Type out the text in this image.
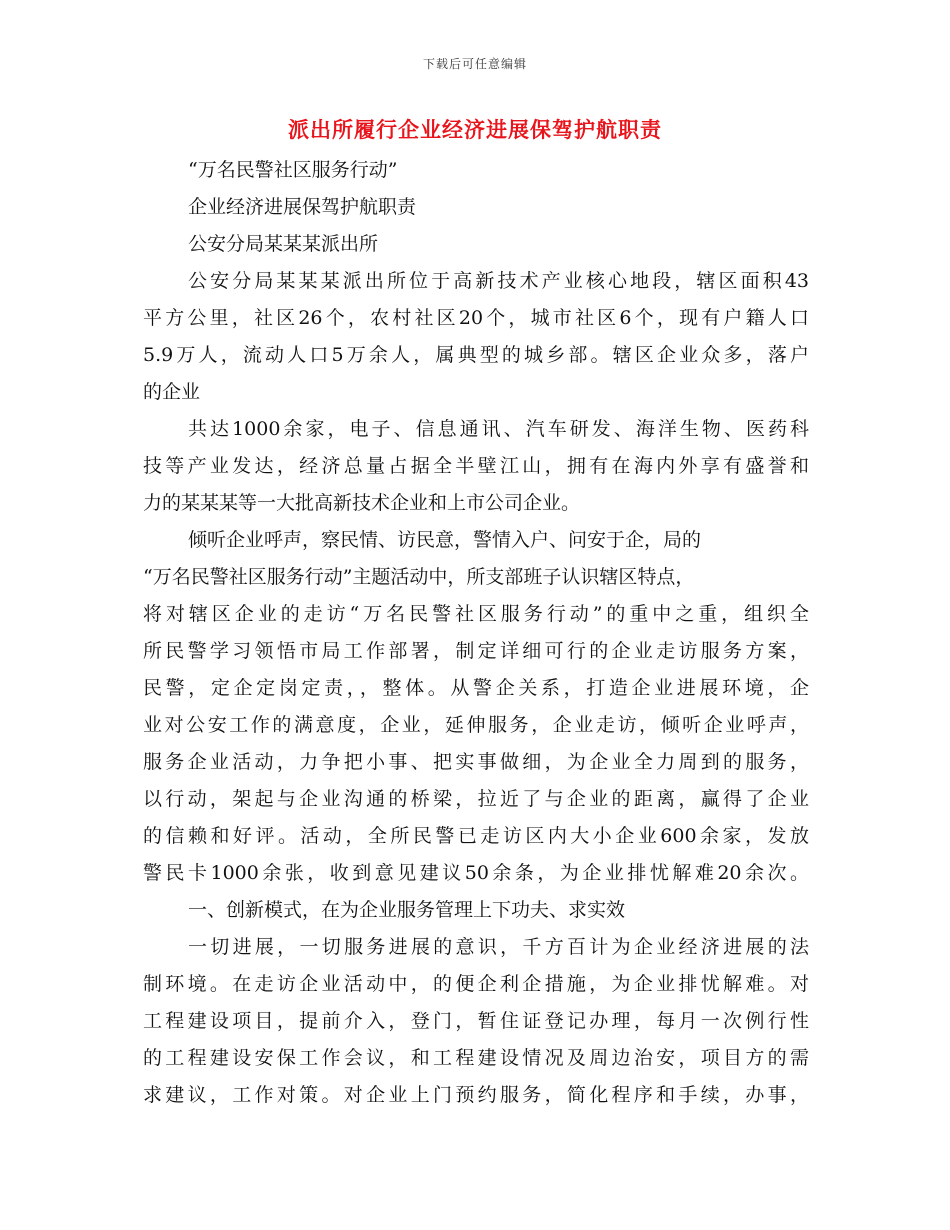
下载后可任意编辑
派出所履行企业经济进展保驾护航职责
“万名民警社区服务行动”
企业经济进展保驾护航职责
公安分局某某某派出所
公安分局某某某派出所位于高新技术产业核心地段，辖区面积43
平方公里，社区26个，农村社区20个，城市社区6个，现有户籍人口
5.9万人，流动人口5万余人，属典型的城乡部。辖区企业众多，落户
的企业
共达1000余家，电子、信息通讯、汽车研发、海洋生物、医药科
技等产业发达，经济总量占据全半壁江山，拥有在海内外享有盛誉和
力的某某某等一大批高新技术企业和上市公司企业。
倾听企业呼声，察民情、访民意，警情入户、问安于企，局的
“万名民警社区服务行动”主题活动中，所支部班子认识辖区特点，
将对辖区企业的走访“万名民警社区服务行动”的重中之重，组织全
所民警学习领悟市局工作部署，制定详细可行的企业走访服务方案，
民警，定企定岗定责，，整体。从警企关系，打造企业进展环境，企
业对公安工作的满意度，企业，延伸服务，企业走访，倾听企业呼声，
服务企业活动，力争把小事、把实事做细，为企业全力周到的服务，
以行动，架起与企业沟通的桥梁，拉近了与企业的距离，赢得了企业
的信赖和好评。活动，全所民警已走访区内大小企业600余家，发放
警民卡1000余张，收到意见建议50余条，为企业排忧解难20余次。
一、创新模式，在为企业服务管理上下功夫、求实效
一切进展，一切服务进展的意识，千方百计为企业经济进展的法
制环境。在走访企业活动中，的便企利企措施，为企业排忧解难。对
工程建设项目，提前介入，登门，暂住证登记办理，每月一次例行性
的工程建设安保工作会议，和工程建设情况及周边治安，项目方的需
求建议，工作对策。对企业上门预约服务，简化程序和手续，办事，
